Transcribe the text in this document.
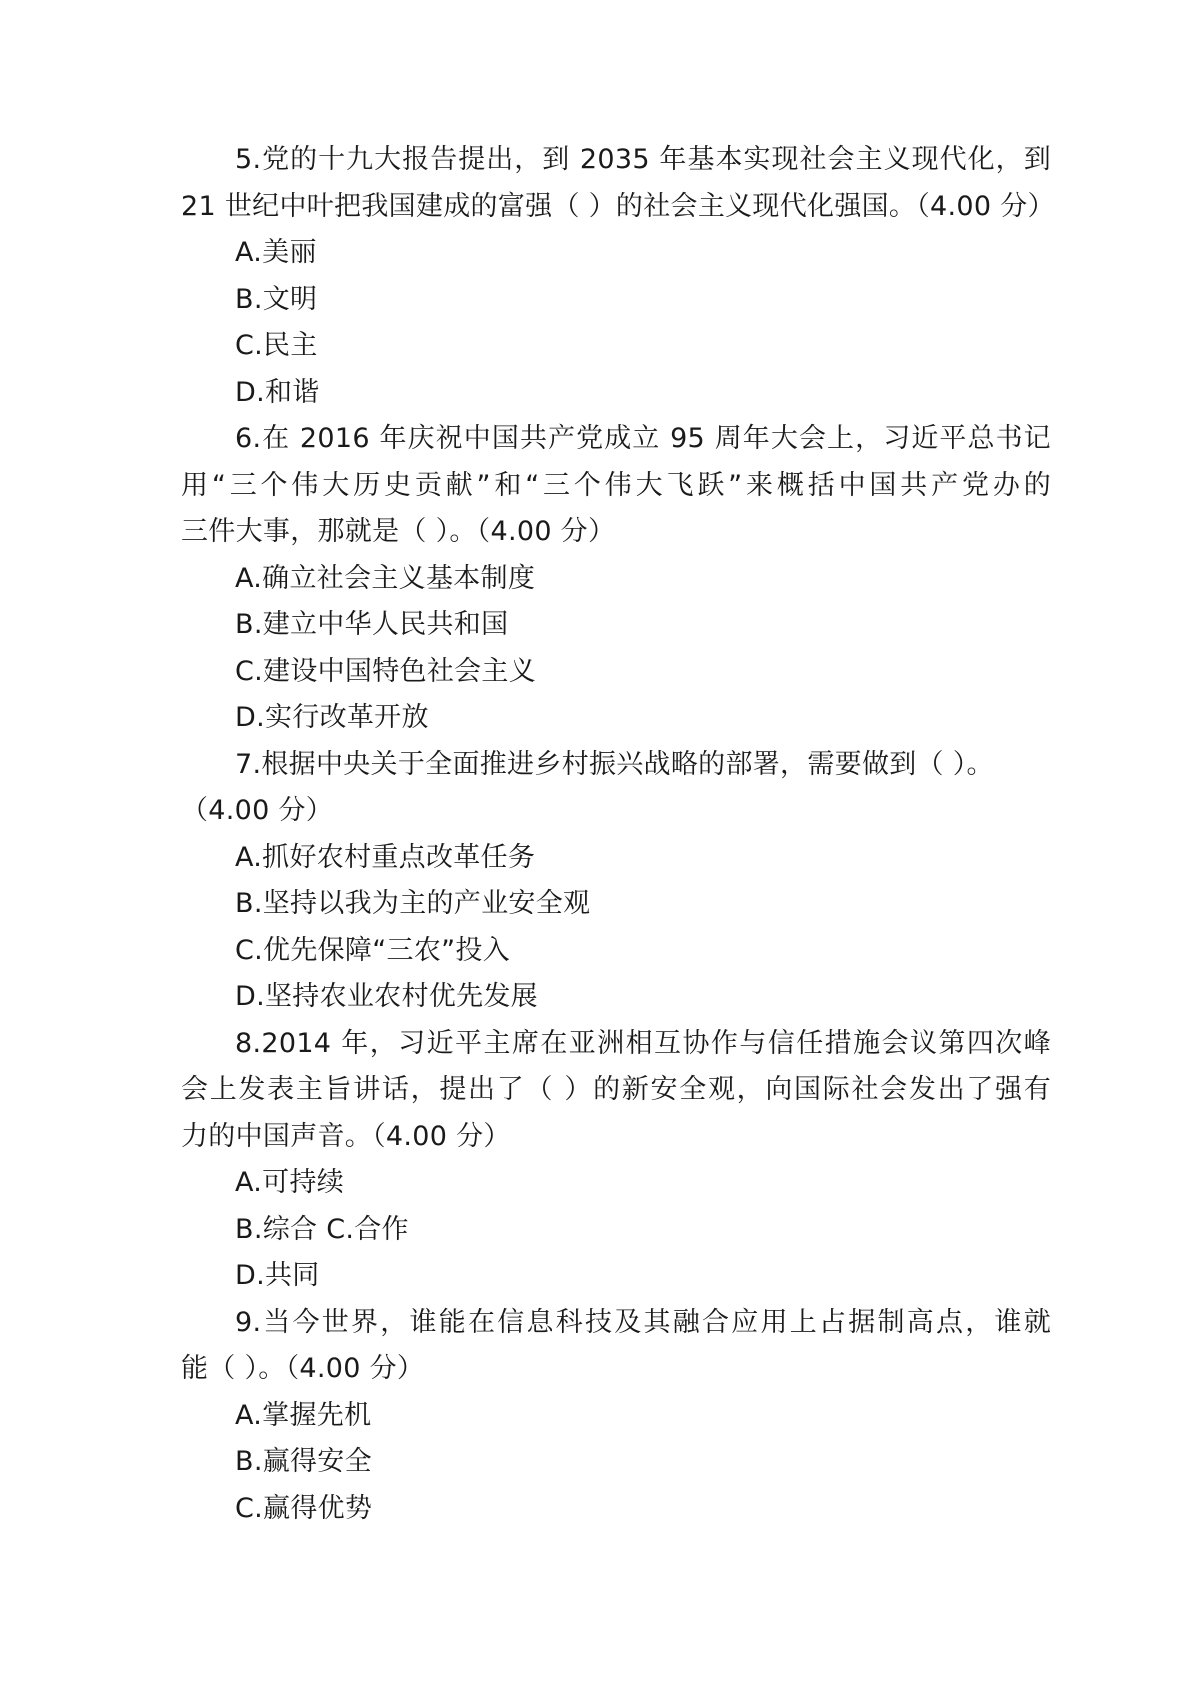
5.党的十九大报告提出，到 2035 年基本实现社会主义现代化，到
21 世纪中叶把我国建成的富强（ ）的社会主义现代化强国。（4.00 分）
A.美丽
B.文明
C.民主
D.和谐
6.在 2016 年庆祝中国共产党成立 95 周年大会上，习近平总书记
用“三个伟大历史贡献”和“三个伟大飞跃”来概括中国共产党办的
三件大事，那就是（ ）。（4.00 分）
A.确立社会主义基本制度
B.建立中华人民共和国
C.建设中国特色社会主义
D.实行改革开放
7.根据中央关于全面推进乡村振兴战略的部署，需要做到（ ）。
（4.00 分）
A.抓好农村重点改革任务
B.坚持以我为主的产业安全观
C.优先保障“三农”投入
D.坚持农业农村优先发展
8.2014 年，习近平主席在亚洲相互协作与信任措施会议第四次峰
会上发表主旨讲话，提出了（ ）的新安全观，向国际社会发出了强有
力的中国声音。（4.00 分）
A.可持续
B.综合 C.合作
D.共同
9.当今世界，谁能在信息科技及其融合应用上占据制高点，谁就
能（ ）。（4.00 分）
A.掌握先机
B.赢得安全
C.赢得优势
